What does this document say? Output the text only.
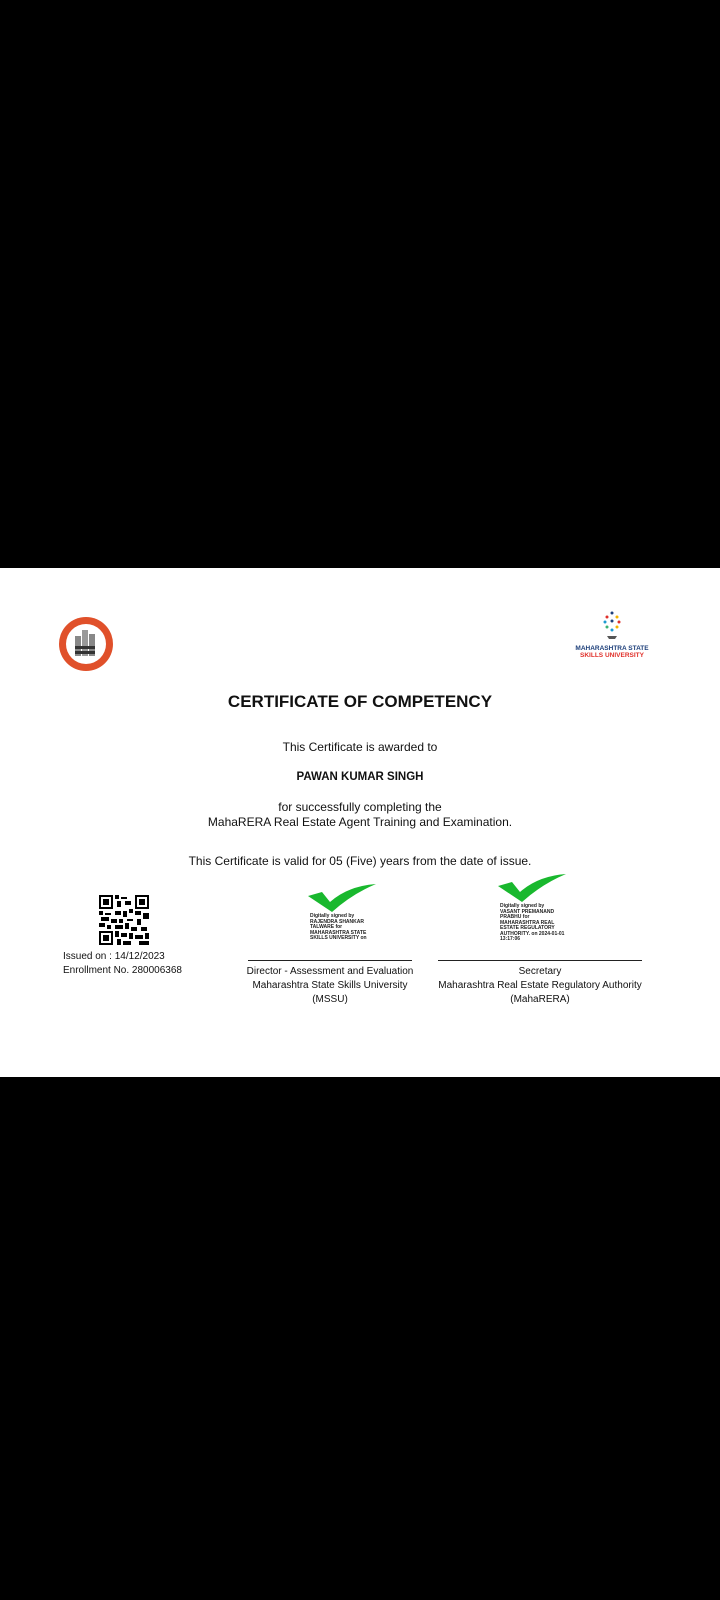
MAHARASHTRA STATE
SKILLS UNIVERSITY
CERTIFICATE OF COMPETENCY
This Certificate is awarded to
PAWAN KUMAR SINGH
for successfully completing the
MahaRERA Real Estate Agent Training and Examination.
This Certificate is valid for 05 (Five) years from the date of issue.
Issued on : 14/12/2023
Enrollment No. 280006368
Digitally signed by
RAJENDRA SHANKAR
TALWARE for
MAHARASHTRA STATE
SKILLS UNIVERSITY on
Director - Assessment and Evaluation
Maharashtra State Skills University
(MSSU)
Digitally signed by
VASANT PREMANAND
PRABHU for
MAHARASHTRA REAL
ESTATE REGULATORY
AUTHORITY. on 2024-01-01
13:17:06
Secretary
Maharashtra Real Estate Regulatory Authority
(MahaRERA)
